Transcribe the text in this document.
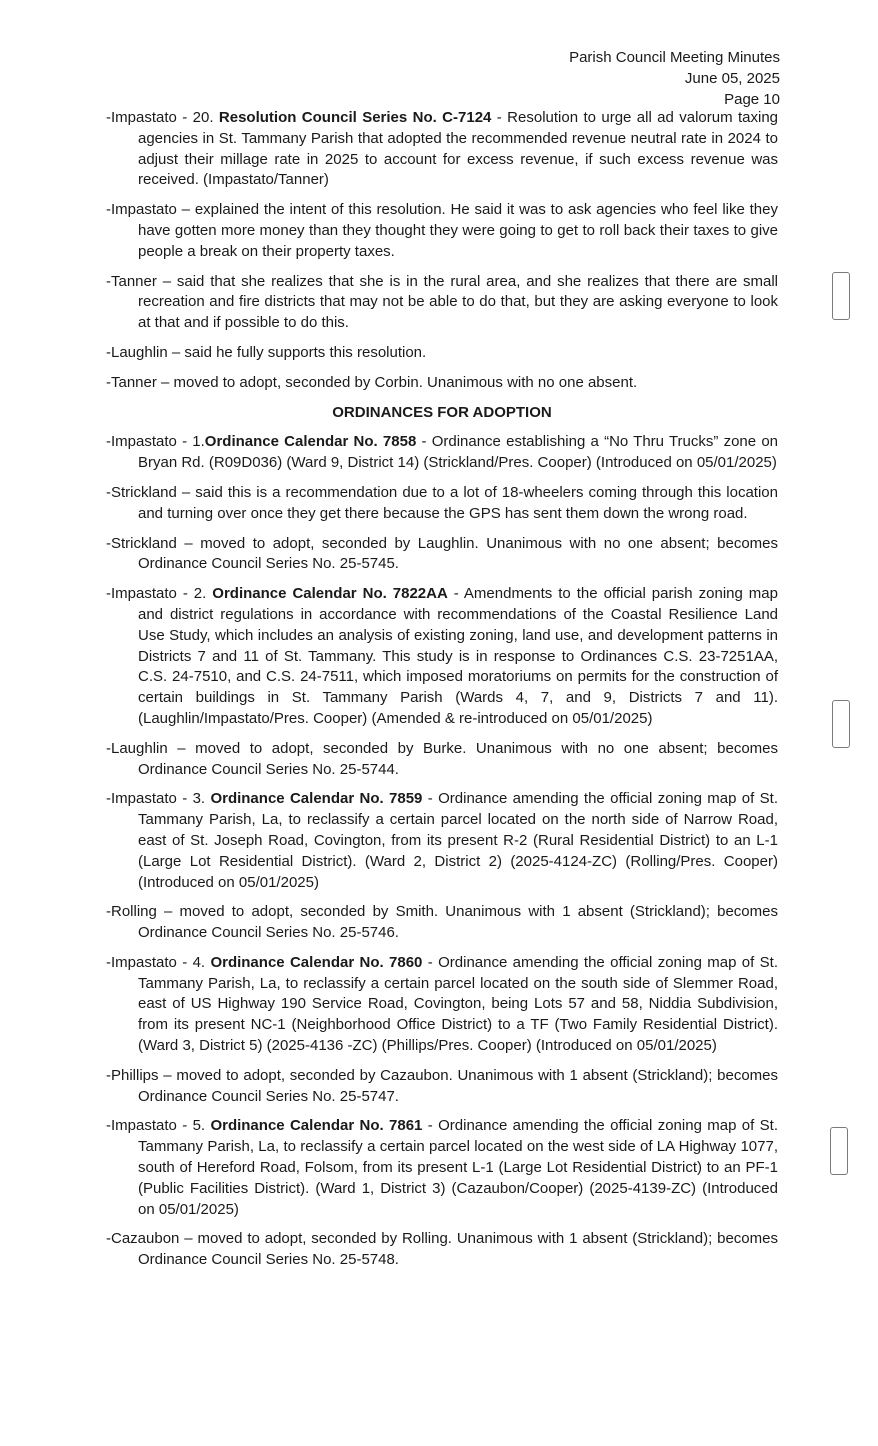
Parish Council Meeting Minutes
June 05, 2025
Page 10

-Impastato - 20. Resolution Council Series No. C-7124 - Resolution to urge all ad valorum taxing agencies in St. Tammany Parish that adopted the recommended revenue neutral rate in 2024 to adjust their millage rate in 2025 to account for excess revenue, if such excess revenue was received. (Impastato/Tanner)

-Impastato – explained the intent of this resolution. He said it was to ask agencies who feel like they have gotten more money than they thought they were going to get to roll back their taxes to give people a break on their property taxes.

-Tanner – said that she realizes that she is in the rural area, and she realizes that there are small recreation and fire districts that may not be able to do that, but they are asking everyone to look at that and if possible to do this.

-Laughlin – said he fully supports this resolution.

-Tanner – moved to adopt, seconded by Corbin. Unanimous with no one absent.

ORDINANCES FOR ADOPTION

-Impastato - 1.Ordinance Calendar No. 7858 - Ordinance establishing a “No Thru Trucks” zone on Bryan Rd. (R09D036) (Ward 9, District 14) (Strickland/Pres. Cooper) (Introduced on 05/01/2025)

-Strickland – said this is a recommendation due to a lot of 18-wheelers coming through this location and turning over once they get there because the GPS has sent them down the wrong road.

-Strickland – moved to adopt, seconded by Laughlin. Unanimous with no one absent; becomes Ordinance Council Series No. 25-5745.

-Impastato - 2. Ordinance Calendar No. 7822AA - Amendments to the official parish zoning map and district regulations in accordance with recommendations of the Coastal Resilience Land Use Study, which includes an analysis of existing zoning, land use, and development patterns in Districts 7 and 11 of St. Tammany. This study is in response to Ordinances C.S. 23-7251AA, C.S. 24-7510, and C.S. 24-7511, which imposed moratoriums on permits for the construction of certain buildings in St. Tammany Parish (Wards 4, 7, and 9, Districts 7 and 11). (Laughlin/Impastato/Pres. Cooper) (Amended & re-introduced on 05/01/2025)

-Laughlin – moved to adopt, seconded by Burke. Unanimous with no one absent; becomes Ordinance Council Series No. 25-5744.

-Impastato - 3. Ordinance Calendar No. 7859 - Ordinance amending the official zoning map of St. Tammany Parish, La, to reclassify a certain parcel located on the north side of Narrow Road, east of St. Joseph Road, Covington, from its present R-2 (Rural Residential District) to an L-1 (Large Lot Residential District). (Ward 2, District 2) (2025-4124-ZC) (Rolling/Pres. Cooper) (Introduced on 05/01/2025)

-Rolling – moved to adopt, seconded by Smith. Unanimous with 1 absent (Strickland); becomes Ordinance Council Series No. 25-5746.

-Impastato - 4. Ordinance Calendar No. 7860 - Ordinance amending the official zoning map of St. Tammany Parish, La, to reclassify a certain parcel located on the south side of Slemmer Road, east of US Highway 190 Service Road, Covington, being Lots 57 and 58, Niddia Subdivision, from its present NC-1 (Neighborhood Office District) to a TF (Two Family Residential District). (Ward 3, District 5) (2025-4136 -ZC) (Phillips/Pres. Cooper) (Introduced on 05/01/2025)

-Phillips – moved to adopt, seconded by Cazaubon. Unanimous with 1 absent (Strickland); becomes Ordinance Council Series No. 25-5747.

-Impastato - 5. Ordinance Calendar No. 7861 - Ordinance amending the official zoning map of St. Tammany Parish, La, to reclassify a certain parcel located on the west side of LA Highway 1077, south of Hereford Road, Folsom, from its present L-1 (Large Lot Residential District) to an PF-1 (Public Facilities District). (Ward 1, District 3) (Cazaubon/Cooper) (2025-4139-ZC) (Introduced on 05/01/2025)

-Cazaubon – moved to adopt, seconded by Rolling. Unanimous with 1 absent (Strickland); becomes Ordinance Council Series No. 25-5748.
